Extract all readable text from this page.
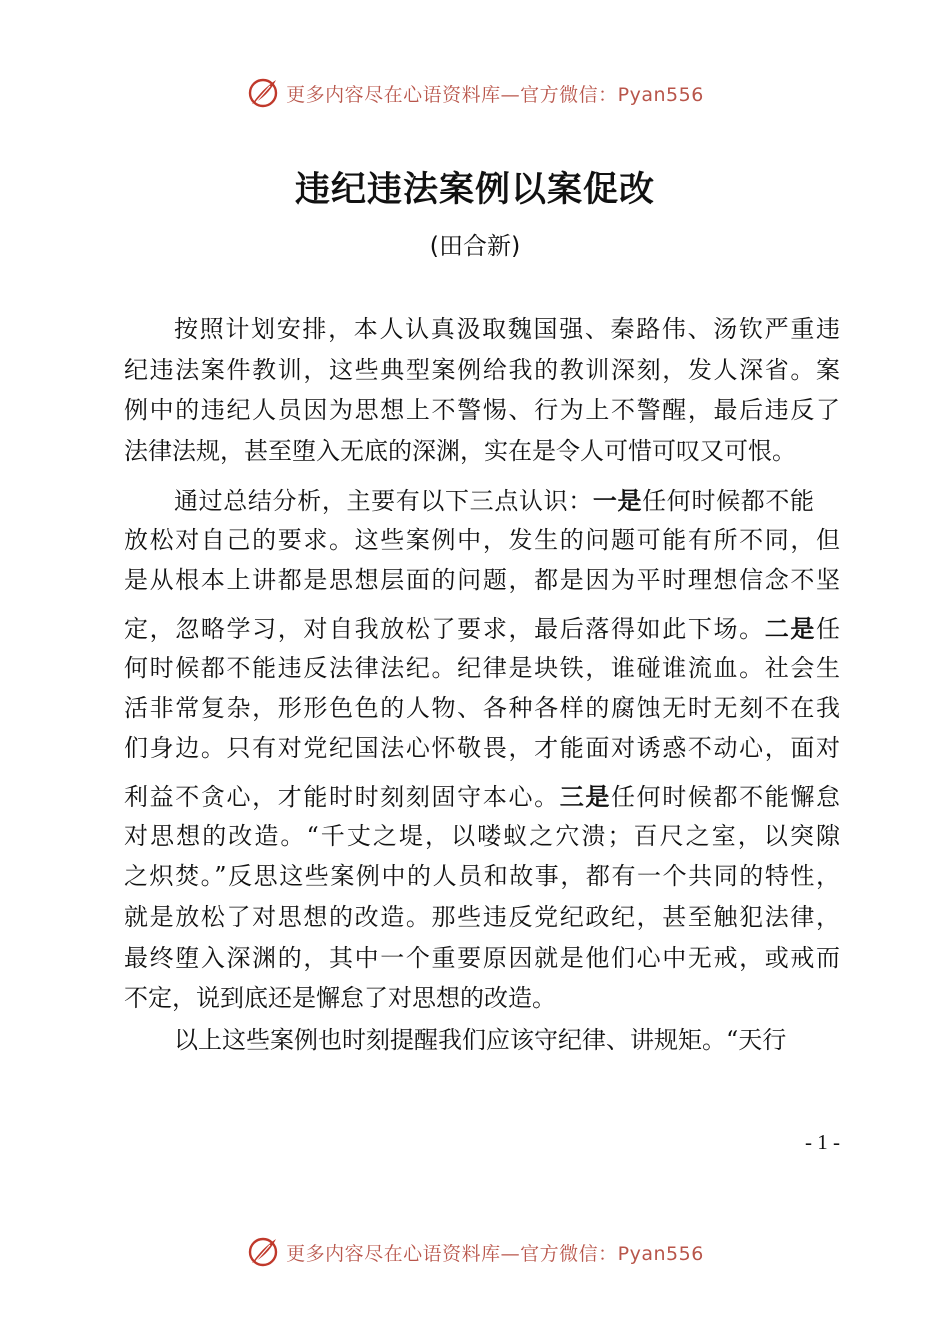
更多内容尽在心语资料库—官方微信：Pyan556
违纪违法案例以案促改

(田合新)

按照计划安排，本人认真汲取魏国强、秦路伟、汤钦严重违

纪违法案件教训，这些典型案例给我的教训深刻，发人深省。案

例中的违纪人员因为思想上不警惕、行为上不警醒，最后违反了

法律法规，甚至堕入无底的深渊，实在是令人可惜可叹又可恨。

通过总结分析，主要有以下三点认识：一是任何时候都不能

放松对自己的要求。这些案例中，发生的问题可能有所不同，但

是从根本上讲都是思想层面的问题，都是因为平时理想信念不坚

定，忽略学习，对自我放松了要求，最后落得如此下场。二是任

何时候都不能违反法律法纪。纪律是块铁，谁碰谁流血。社会生

活非常复杂，形形色色的人物、各种各样的腐蚀无时无刻不在我

们身边。只有对党纪国法心怀敬畏，才能面对诱惑不动心，面对

利益不贪心，才能时时刻刻固守本心。三是任何时候都不能懈怠

对思想的改造。“千丈之堤，以喽蚁之穴溃；百尺之室，以突隙

之炽焚。”反思这些案例中的人员和故事，都有一个共同的特性，

就是放松了对思想的改造。那些违反党纪政纪，甚至触犯法律，

最终堕入深渊的，其中一个重要原因就是他们心中无戒，或戒而

不定，说到底还是懈怠了对思想的改造。

以上这些案例也时刻提醒我们应该守纪律、讲规矩。“天行

- 1 -

更多内容尽在心语资料库—官方微信：Pyan556
